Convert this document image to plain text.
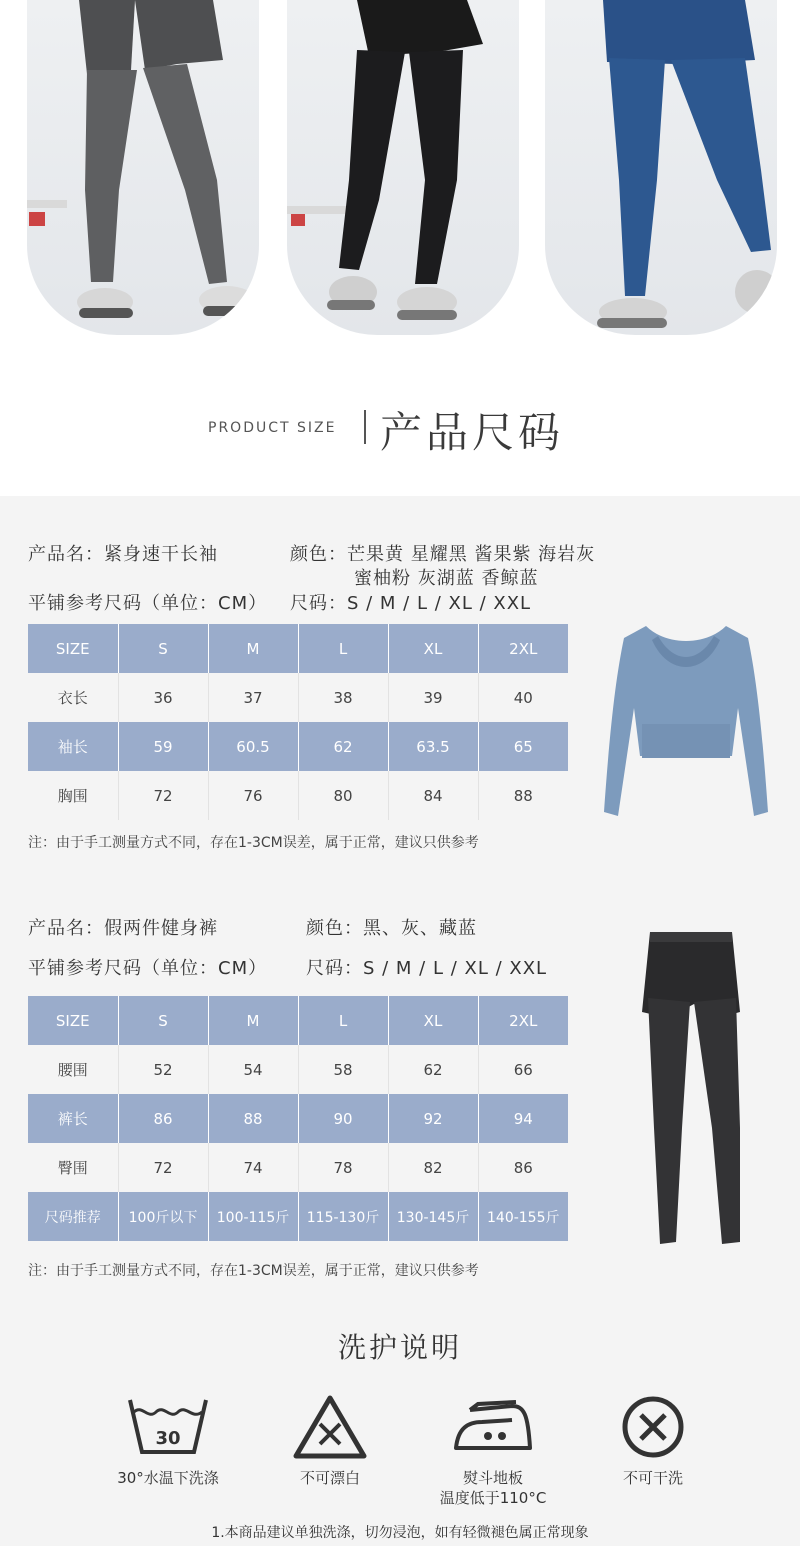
PRODUCT SIZE 产品尺码
产品名：紧身速干长袖	颜色：芒果黄 星耀黑 酱果紫 海岩灰
蜜柚粉 灰湖蓝 香鲸蓝
平铺参考尺码（单位：CM） 尺码：S / M / L / XL / XXL
SIZE	S	M	L	XL	2XL
衣长	36	37	38	39	40
袖长	59	60.5	62	63.5	65
胸围	72	76	80	84	88
注：由于手工测量方式不同，存在1-3CM误差，属于正常，建议只供参考
产品名：假两件健身裤	颜色：黑、灰、藏蓝
平铺参考尺码（单位：CM） 尺码：S / M / L / XL / XXL
SIZE	S	M	L	XL	2XL
腰围	52	54	58	62	66
裤长	86	88	90	92	94
臀围	72	74	78	82	86
尺码推荐	100斤以下	100-115斤	115-130斤	130-145斤	140-155斤
注：由于手工测量方式不同，存在1-3CM误差，属于正常，建议只供参考
洗护说明
30
30°水温下洗涤	不可漂白	熨斗地板
温度低于110°C
不可干洗
1.本商品建议单独洗涤，切勿浸泡，如有轻微褪色属正常现象
